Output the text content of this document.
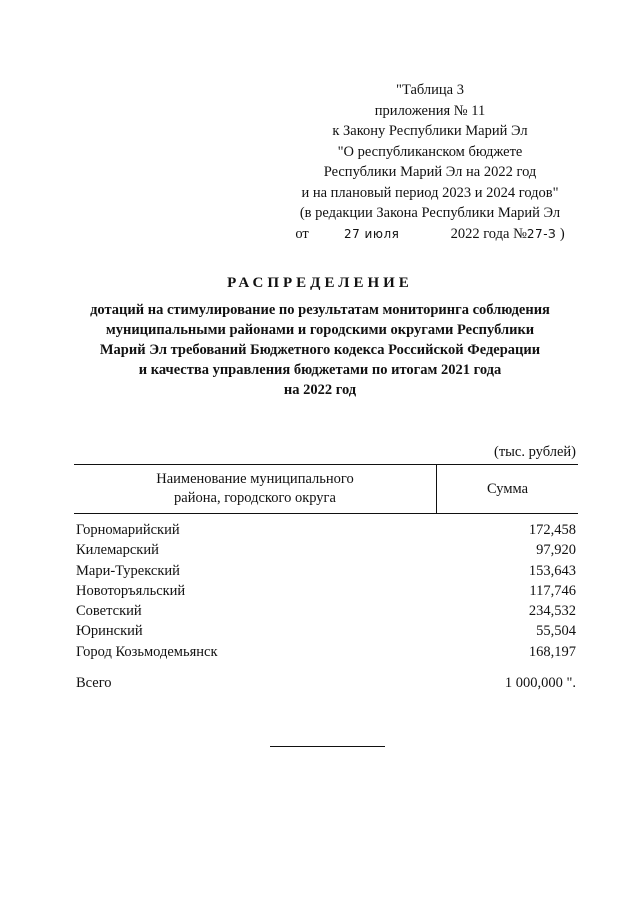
"Таблица 3
приложения № 11
к Закону Республики Марий Эл
"О республиканском бюджете
Республики Марий Эл на 2022 год
и на плановый период 2023 и 2024 годов"
(в редакции Закона Республики Марий Эл
от	27 июля	2022 года №27-З )
РАСПРЕДЕЛЕНИЕ
дотаций на стимулирование по результатам мониторинга соблюдения
муниципальными районами и городскими округами Республики
Марий Эл требований Бюджетного кодекса Российской Федерации
и качества управления бюджетами по итогам 2021 года
на 2022 год
(тыс. рублей)
Наименование муниципального
района, городского округа
Сумма
Горномарийский	172,458
Килемарский	97,920
Мари-Турекский	153,643
Новоторъяльский	117,746
Советский	234,532
Юринский	55,504
Город Козьмодемьянск	168,197
Всего	1 000,000 ".
